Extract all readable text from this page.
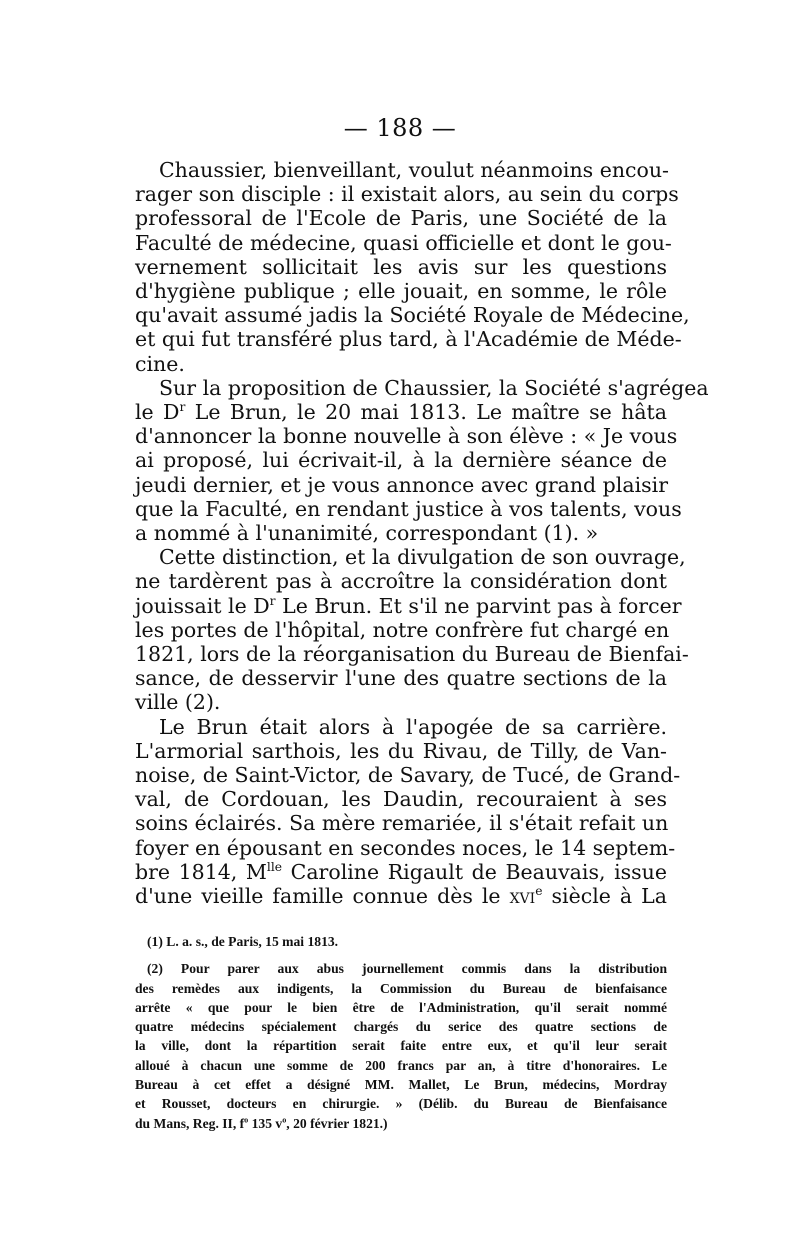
— 188 —
Chaussier, bienveillant, voulut néanmoins encou-
rager son disciple : il existait alors, au sein du corps
professoral de l'Ecole de Paris, une Société de la
Faculté de médecine, quasi officielle et dont le gou-
vernement sollicitait les avis sur les questions
d'hygiène publique ; elle jouait, en somme, le rôle
qu'avait assumé jadis la Société Royale de Médecine,
et qui fut transféré plus tard, à l'Académie de Méde-
cine.
Sur la proposition de Chaussier, la Société s'agrégea
le $D^r$ Le Brun, le 20 mai 1813. Le maître se hâta
d'annoncer la bonne nouvelle à son élève : « Je vous
ai proposé, lui écrivait-il, à la dernière séance de
jeudi dernier, et je vous annonce avec grand plaisir
que la Faculté, en rendant justice à vos talents, vous
a nommé à l'unanimité, correspondant (1). »
Cette distinction, et la divulgation de son ouvrage,
ne tardèrent pas à accroître la considération dont
jouissait le $D^r$ Le Brun. Et s'il ne parvint pas à forcer
les portes de l'hôpital, notre confrère fut chargé en
1821, lors de la réorganisation du Bureau de Bienfai-
sance, de desservir l'une des quatre sections de la
ville (2).
Le Brun était alors à l'apogée de sa carrière.
L'armorial sarthois, les du Rivau, de Tilly, de Van-
noise, de Saint-Victor, de Savary, de Tucé, de Grand-
val, de Cordouan, les Daudin, recouraient à ses
soins éclairés. Sa mère remariée, il s'était refait un
foyer en épousant en secondes noces, le 14 septem-
bre 1814, $M^{lle}$ Caroline Rigault de Beauvais, issue
d'une vieille famille connue dès le xvi$^e$ siècle à La
(1) L. a. s., de Paris, 15 mai 1813.
(2) Pour parer aux abus journellement commis dans la distribution
des remèdes aux indigents, la Commission du Bureau de bienfaisance
arrête « que pour le bien être de l'Administration, qu'il serait nommé
quatre médecins spécialement chargés du serice des quatre sections de
la ville, dont la répartition serait faite entre eux, et qu'il leur serait
alloué à chacun une somme de 200 francs par an, à titre d'honoraires. Le
Bureau à cet effet a désigné MM. Mallet, Le Brun, médecins, Mordray
et Rousset, docteurs en chirurgie. » (Délib. du Bureau de Bienfaisance
du Mans, Reg. II, $f^o$ 135 $v^o$, 20 février 1821.)
